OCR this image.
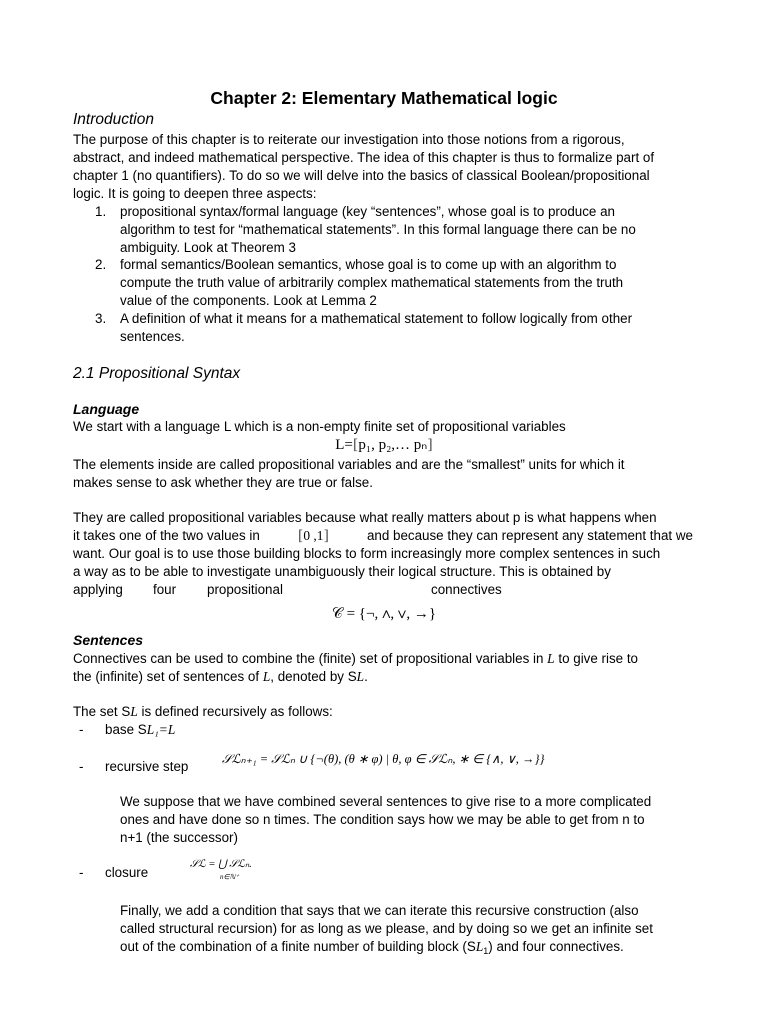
Chapter 2: Elementary Mathematical logic
Introduction
The purpose of this chapter is to reiterate our investigation into those notions from a rigorous,
abstract, and indeed mathematical perspective. The idea of this chapter is thus to formalize part of
chapter 1 (no quantifiers). To do so we will delve into the basics of classical Boolean/propositional
logic. It is going to deepen three aspects:
1.	propositional syntax/formal language (key “sentences”, whose goal is to produce an
algorithm to test for “mathematical statements”. In this formal language there can be no
ambiguity. Look at Theorem 3
2.	formal semantics/Boolean semantics, whose goal is to come up with an algorithm to
compute the truth value of arbitrarily complex mathematical statements from the truth
value of the components. Look at Lemma 2
3.	A definition of what it means for a mathematical statement to follow logically from other
sentences.
2.1 Propositional Syntax
Language
We start with a language L which is a non-empty finite set of propositional variables
L=[p₁, p₂,… pₙ]
The elements inside are called propositional variables and are the “smallest” units for which it
makes sense to ask whether they are true or false.
They are called propositional variables because what really matters about p is what happens when
it takes one of the two values in	[0 ,1]	and because they can represent any statement that we
want. Our goal is to use those building blocks to form increasingly more complex sentences in such
a way as to be able to investigate unambiguously their logical structure. This is obtained by
applying four propositional	connectives
𝒞 = {¬, ∧, ∨, →}
Sentences
Connectives can be used to combine the (finite) set of propositional variables in L to give rise to
the (infinite) set of sentences of L, denoted by SL.
The set SL is defined recursively as follows:
- base SL₁=L
- recursive step	𝒮ℒₙ₊₁ = 𝒮ℒₙ ∪ {¬(θ), (θ ∗ φ) | θ, φ ∈ 𝒮ℒₙ, ∗ ∈ {∧, ∨, →}}
We suppose that we have combined several sentences to give rise to a more complicated
ones and have done so n times. The condition says how we may be able to get from n to
n+1 (the successor)
- closure
𝒮ℒ = ⋃ 𝒮ℒₙ.
n∈ℕ⁺
Finally, we add a condition that says that we can iterate this recursive construction (also
called structural recursion) for as long as we please, and by doing so we get an infinite set
out of the combination of a finite number of building block $(SL_1)$ and four connectives.
